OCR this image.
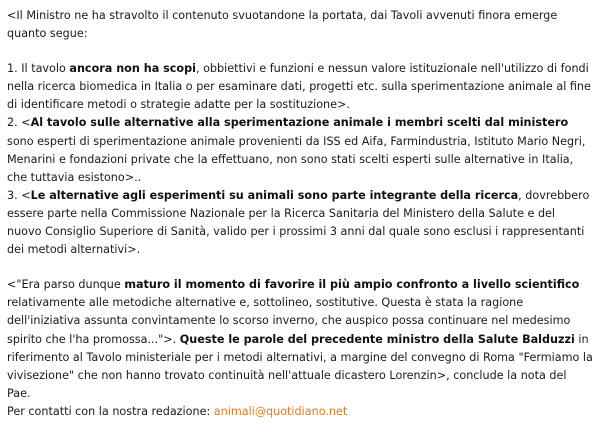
<Il Ministro ne ha stravolto il contenuto svuotandone la portata, dai Tavoli avvenuti finora emerge quanto segue:

1. Il tavolo ancora non ha scopi, obbiettivi e funzioni e nessun valore istituzionale nell'utilizzo di fondi nella ricerca biomedica in Italia o per esaminare dati, progetti etc. sulla sperimentazione animale al fine di identificare metodi o strategie adatte per la sostituzione>.

2. <Al tavolo sulle alternative alla sperimentazione animale i membri scelti dal ministero sono esperti di sperimentazione animale provenienti da ISS ed Aifa, Farmindustria, Istituto Mario Negri, Menarini e fondazioni private che la effettuano, non sono stati scelti esperti sulle alternative in Italia, che tuttavia esistono>..

3. <Le alternative agli esperimenti su animali sono parte integrante della ricerca, dovrebbero essere parte nella Commissione Nazionale per la Ricerca Sanitaria del Ministero della Salute e del nuovo Consiglio Superiore di Sanità, valido per i prossimi 3 anni dal quale sono esclusi i rappresentanti dei metodi alternativi>.

<"Era parso dunque maturo il momento di favorire il più ampio confronto a livello scientifico relativamente alle metodiche alternative e, sottolineo, sostitutive. Questa è stata la ragione dell'iniziativa assunta convintamente lo scorso inverno, che auspico possa continuare nel medesimo spirito che l'ha promossa...">. Queste le parole del precedente ministro della Salute Balduzzi in riferimento al Tavolo ministeriale per i metodi alternativi, a margine del convegno di Roma "Fermiamo la vivisezione" che non hanno trovato continuità nell'attuale dicastero Lorenzin>, conclude la nota del Pae.

Per contatti con la nostra redazione: animali@quotidiano.net
